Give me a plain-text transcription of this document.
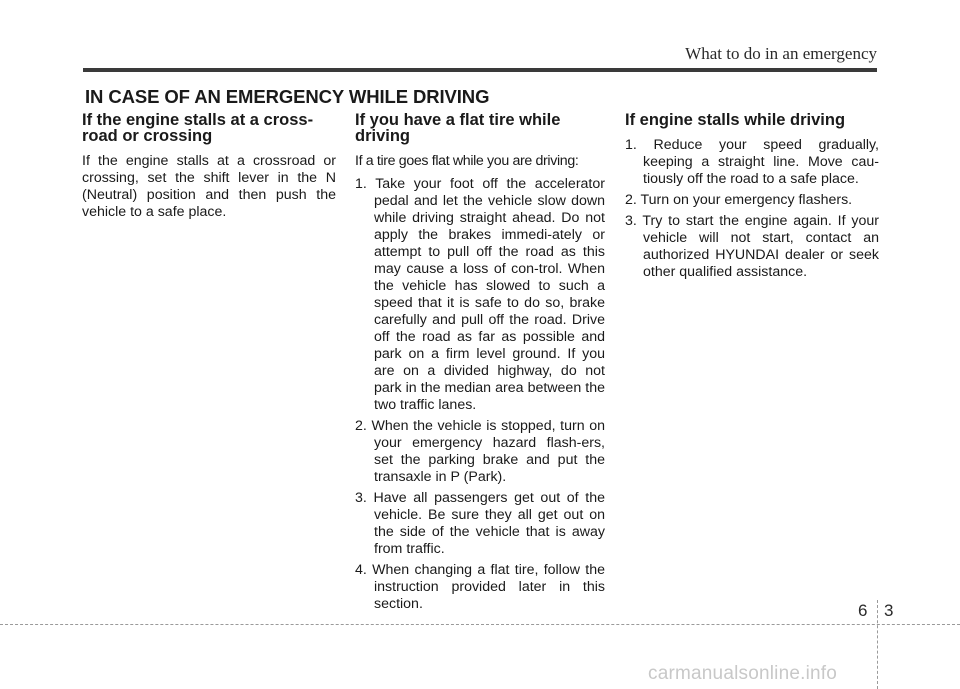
What to do in an emergency
IN CASE OF AN EMERGENCY WHILE DRIVING
If the engine stalls at a cross-
road or crossing

If the engine stalls at a crossroad or crossing, set the shift lever in the N (Neutral) position and then push the vehicle to a safe place.

If you have a flat tire while
driving

If a tire goes flat while you are driving:

1. Take your foot off the accelerator pedal and let the vehicle slow down while driving straight ahead. Do not apply the brakes immedi-ately or attempt to pull off the road as this may cause a loss of con-trol. When the vehicle has slowed to such a speed that it is safe to do so, brake carefully and pull off the road. Drive off the road as far as possible and park on a firm level ground. If you are on a divided highway, do not park in the median area between the two traffic lanes.
2. When the vehicle is stopped, turn on your emergency hazard flash-ers, set the parking brake and put the transaxle in P (Park).
3. Have all passengers get out of the vehicle. Be sure they all get out on the side of the vehicle that is away from traffic.
4. When changing a flat tire, follow the instruction provided later in this section.
If engine stalls while driving
1. Reduce your speed gradually, keeping a straight line. Move cau-tiously off the road to a safe place.
2. Turn on your emergency flashers.
3. Try to start the engine again. If your vehicle will not start, contact an authorized HYUNDAI dealer or seek other qualified assistance.
6 3
carmanualsonline.info
